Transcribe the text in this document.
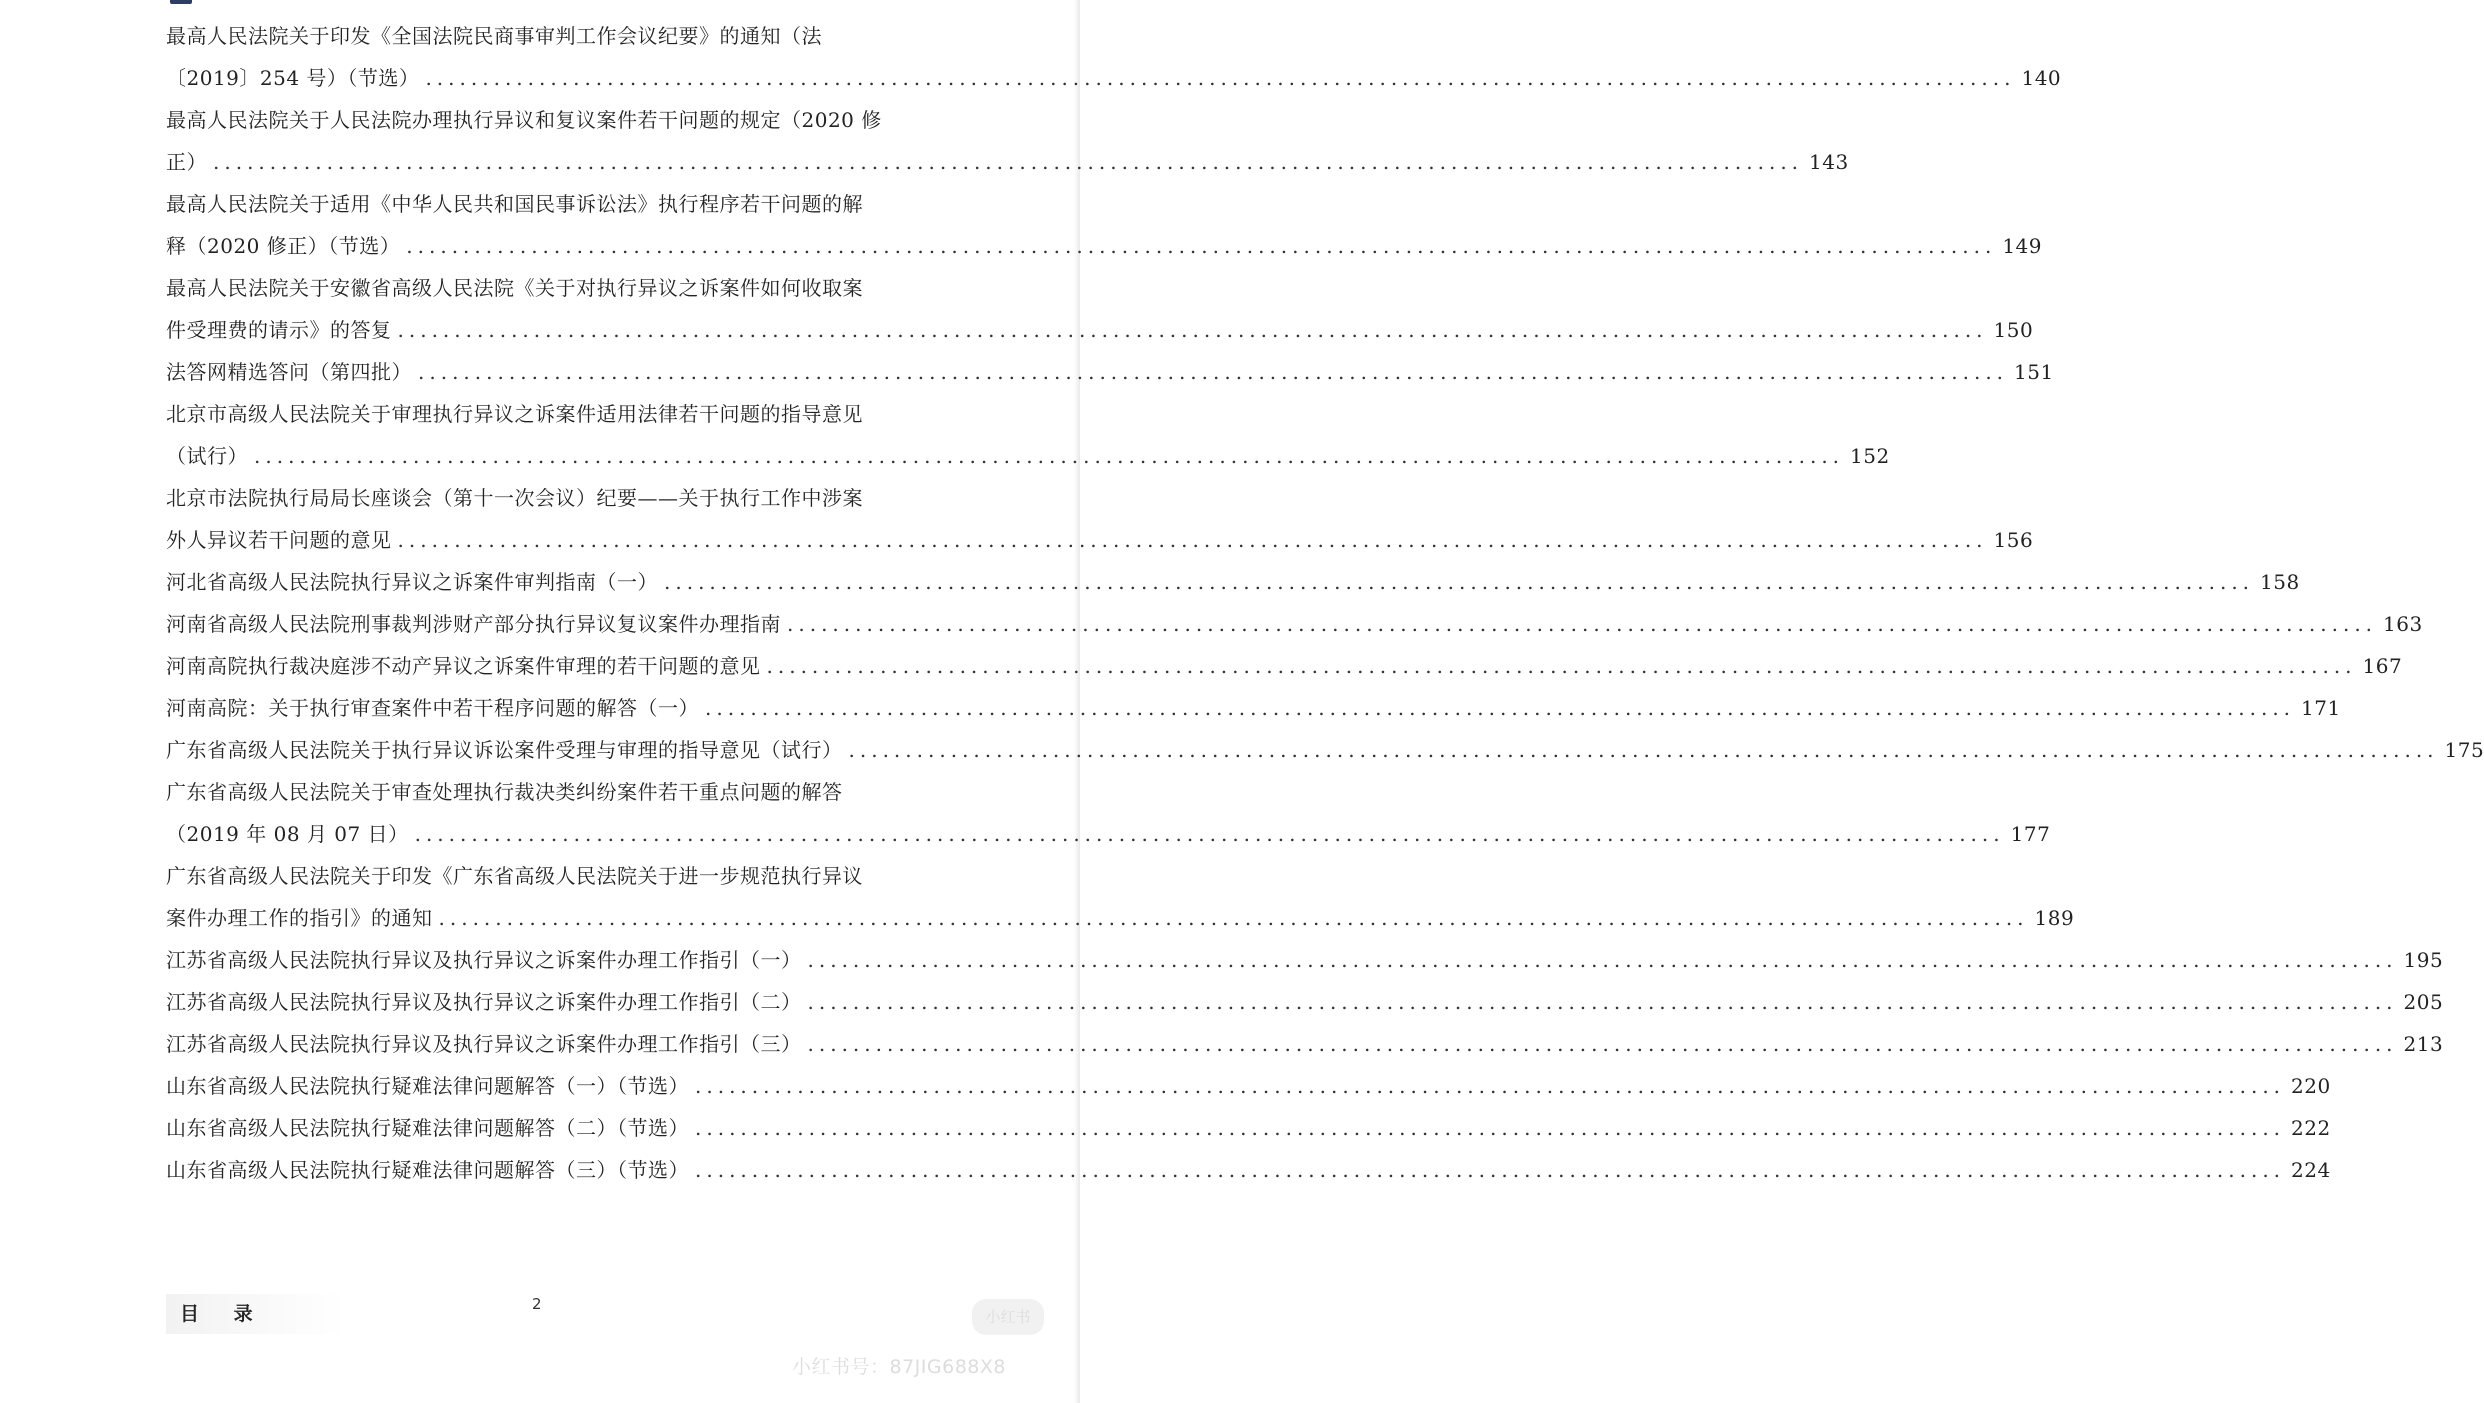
最高人民法院关于印发《全国法院民商事审判工作会议纪要》的通知（法
〔2019〕254 号）（节选） ............................................................................................................................................ 140
最高人民法院关于人民法院办理执行异议和复议案件若干问题的规定（2020 修
正） ............................................................................................................................................ 143
最高人民法院关于适用《中华人民共和国民事诉讼法》执行程序若干问题的解
释（2020 修正）（节选） ............................................................................................................................................ 149
最高人民法院关于安徽省高级人民法院《关于对执行异议之诉案件如何收取案
件受理费的请示》的答复 ............................................................................................................................................ 150
法答网精选答问（第四批） ............................................................................................................................................ 151
北京市高级人民法院关于审理执行异议之诉案件适用法律若干问题的指导意见
（试行） ............................................................................................................................................ 152
北京市法院执行局局长座谈会（第十一次会议）纪要——关于执行工作中涉案
外人异议若干问题的意见 ............................................................................................................................................ 156
河北省高级人民法院执行异议之诉案件审判指南（一） ............................................................................................................................................ 158
河南省高级人民法院刑事裁判涉财产部分执行异议复议案件办理指南 ............................................................................................................................................ 163
河南高院执行裁决庭涉不动产异议之诉案件审理的若干问题的意见 ............................................................................................................................................ 167
河南高院：关于执行审查案件中若干程序问题的解答（一） ............................................................................................................................................ 171
广东省高级人民法院关于执行异议诉讼案件受理与审理的指导意见（试行） ............................................................................................................................................ 175
广东省高级人民法院关于审查处理执行裁决类纠纷案件若干重点问题的解答
（2019 年 08 月 07 日） ............................................................................................................................................ 177
广东省高级人民法院关于印发《广东省高级人民法院关于进一步规范执行异议
案件办理工作的指引》的通知 ............................................................................................................................................ 189
江苏省高级人民法院执行异议及执行异议之诉案件办理工作指引（一） ............................................................................................................................................ 195
江苏省高级人民法院执行异议及执行异议之诉案件办理工作指引（二） ............................................................................................................................................ 205
江苏省高级人民法院执行异议及执行异议之诉案件办理工作指引（三） ............................................................................................................................................ 213
山东省高级人民法院执行疑难法律问题解答（一）（节选） ............................................................................................................................................ 220
山东省高级人民法院执行疑难法律问题解答（二）（节选） ............................................................................................................................................ 222
山东省高级人民法院执行疑难法律问题解答（三）（节选） ............................................................................................................................................ 224
目 录	2
小红书
小红书号：87JIG688X8
